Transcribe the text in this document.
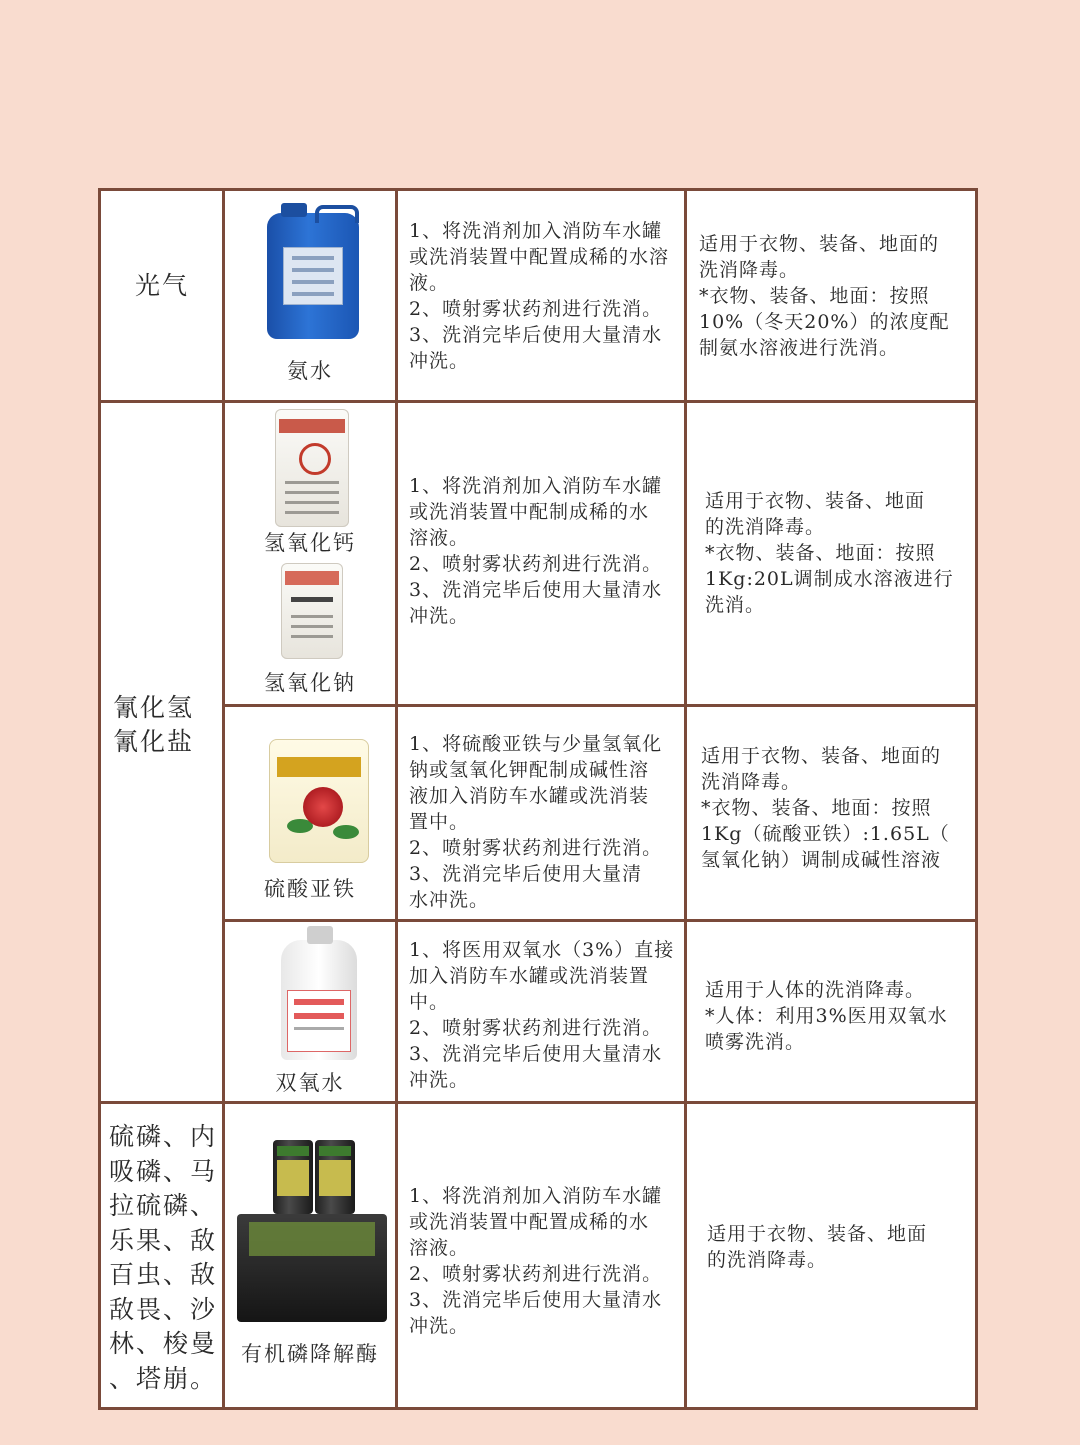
光气
氨水
1、将洗消剂加入消防车水罐
或洗消装置中配置成稀的水溶
液。
2、喷射雾状药剂进行洗消。
3、洗消完毕后使用大量清水
冲洗。
适用于衣物、装备、地面的
洗消降毒。
*衣物、装备、地面：按照
10%（冬天20%）的浓度配
制氨水溶液进行洗消。
氰化氢
氰化盐
氢氧化钙
氢氧化钠
1、将洗消剂加入消防车水罐
或洗消装置中配制成稀的水
溶液。
2、喷射雾状药剂进行洗消。
3、洗消完毕后使用大量清水
冲洗。
适用于衣物、装备、地面
的洗消降毒。
*衣物、装备、地面：按照
1Kg:20L调制成水溶液进行
洗消。
硫酸亚铁
1、将硫酸亚铁与少量氢氧化
钠或氢氧化钾配制成碱性溶
液加入消防车水罐或洗消装
置中。
2、喷射雾状药剂进行洗消。
3、洗消完毕后使用大量清
水冲洗。
适用于衣物、装备、地面的
洗消降毒。
*衣物、装备、地面：按照
1Kg（硫酸亚铁）:1.65L（
氢氧化钠）调制成碱性溶液
双氧水
1、将医用双氧水（3%）直接
加入消防车水罐或洗消装置
中。
2、喷射雾状药剂进行洗消。
3、洗消完毕后使用大量清水
冲洗。
适用于人体的洗消降毒。
*人体：利用3%医用双氧水
喷雾洗消。
硫磷、内
吸磷、马
拉硫磷、
乐果、敌
百虫、敌
敌畏、沙
林、梭曼
、塔崩。
有机磷降解酶
1、将洗消剂加入消防车水罐
或洗消装置中配置成稀的水
溶液。
2、喷射雾状药剂进行洗消。
3、洗消完毕后使用大量清水
冲洗。
适用于衣物、装备、地面
的洗消降毒。
